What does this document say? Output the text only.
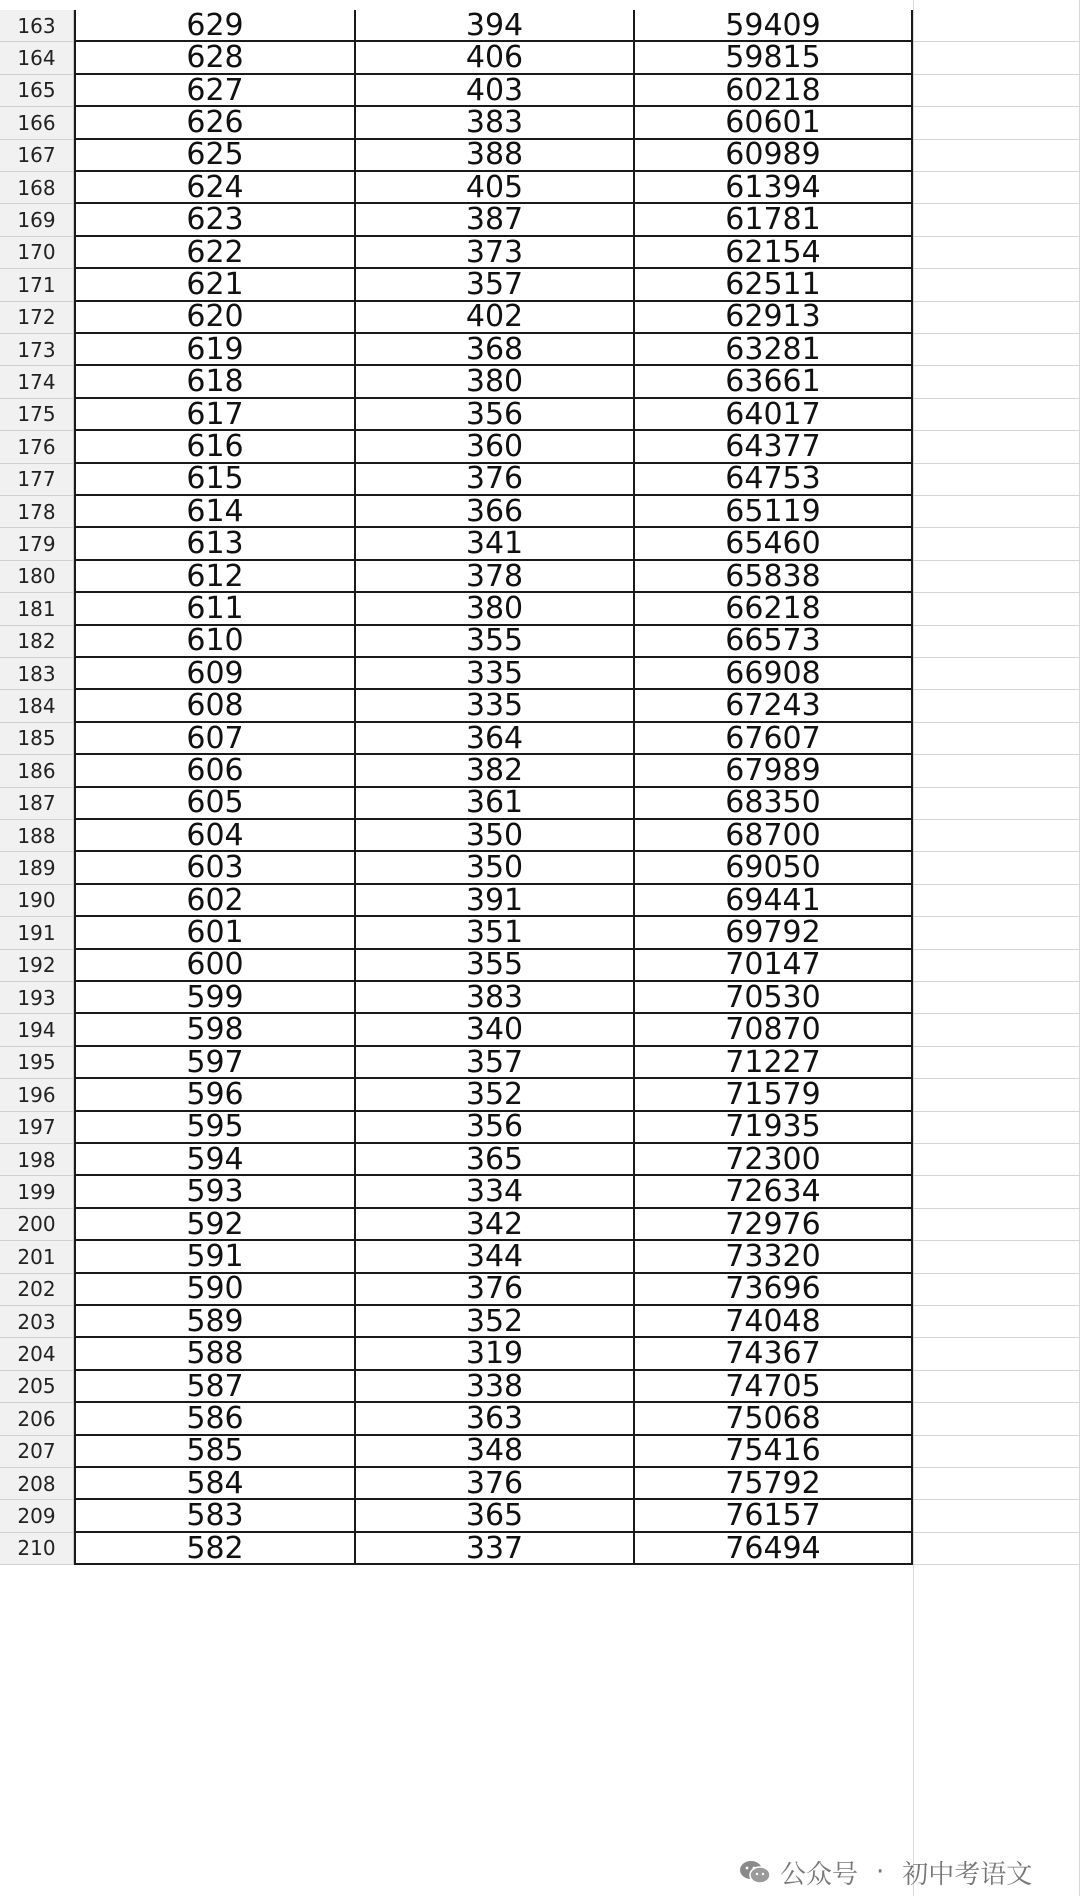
163	629	394	59409
164	628	406	59815
165	627	403	60218
166	626	383	60601
167	625	388	60989
168	624	405	61394
169	623	387	61781
170	622	373	62154
171	621	357	62511
172	620	402	62913
173	619	368	63281
174	618	380	63661
175	617	356	64017
176	616	360	64377
177	615	376	64753
178	614	366	65119
179	613	341	65460
180	612	378	65838
181	611	380	66218
182	610	355	66573
183	609	335	66908
184	608	335	67243
185	607	364	67607
186	606	382	67989
187	605	361	68350
188	604	350	68700
189	603	350	69050
190	602	391	69441
191	601	351	69792
192	600	355	70147
193	599	383	70530
194	598	340	70870
195	597	357	71227
196	596	352	71579
197	595	356	71935
198	594	365	72300
199	593	334	72634
200	592	342	72976
201	591	344	73320
202	590	376	73696
203	589	352	74048
204	588	319	74367
205	587	338	74705
206	586	363	75068
207	585	348	75416
208	584	376	75792
209	583	365	76157
210	582	337	76494
公众号 · 初中考语文
